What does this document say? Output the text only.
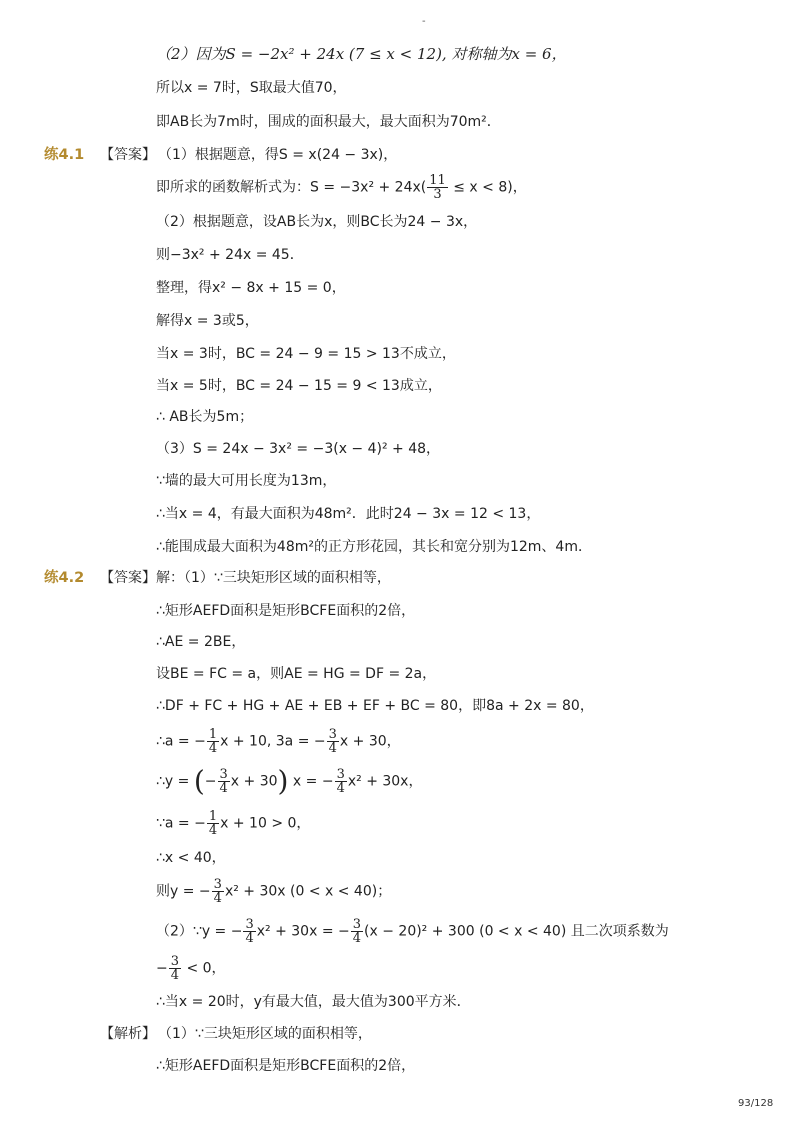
-
（2）因为S = −2x² + 24x (7 ≤ x < 12), 对称轴为x = 6，
所以x = 7时，S取最大值70，
即AB长为7m时，围成的面积最大，最大面积为70m²．
练4.1 【答案】 （1）根据题意，得S = x(24 − 3x)，
即所求的函数解析式为：$S = -3x^2 + 24x( \frac{11}{3} \le x < 8)$，
（2）根据题意，设AB长为x，则BC长为24 − 3x，
则−3x² + 24x = 45．
整理，得x² − 8x + 15 = 0，
解得x = 3或5，
当x = 3时，BC = 24 − 9 = 15 > 13不成立，
当x = 5时，BC = 24 − 15 = 9 < 13成立，
∴ AB长为5m；
（3）S = 24x − 3x² = −3(x − 4)² + 48，
∵墙的最大可用长度为13m，
∴当x = 4，有最大面积为48m²．此时24 − 3x = 12 < 13，
∴能围成最大面积为48m²的正方形花园，其长和宽分别为12m、4m．
练4.2 【答案】 解：（1）∵三块矩形区域的面积相等，
∴矩形AEFD面积是矩形BCFE面积的2倍，
∴AE = 2BE，
设BE = FC = a，则AE = HG = DF = 2a，
∴DF + FC + HG + AE + EB + EF + BC = 80，即8a + 2x = 80，
∴a = − $\frac{1}{4}$ x + 10, 3a = − $\frac{3}{4}$ x + 30，
∴y = (− $\frac{3}{4}$ x + 30) x = − $\frac{3}{4} x^2 + 30x$，
∵a = − $\frac{1}{4}$ x + 10 > 0，
∴x < 40，
则y = − $\frac{3}{4} x^2 + 30x$ (0 < x < 40)；
（2）∵y = − $\frac{3}{4} x^2 + 30x$ = − $\frac{3}{4} (x - 20)^2 + 300$ (0 < x < 40) 且二次项系数为
− $\frac{3}{4} < 0$，
∴当x = 20时，y有最大值，最大值为300平方米．
【解析】 （1）∵三块矩形区域的面积相等，
∴矩形AEFD面积是矩形BCFE面积的2倍，
93/128
